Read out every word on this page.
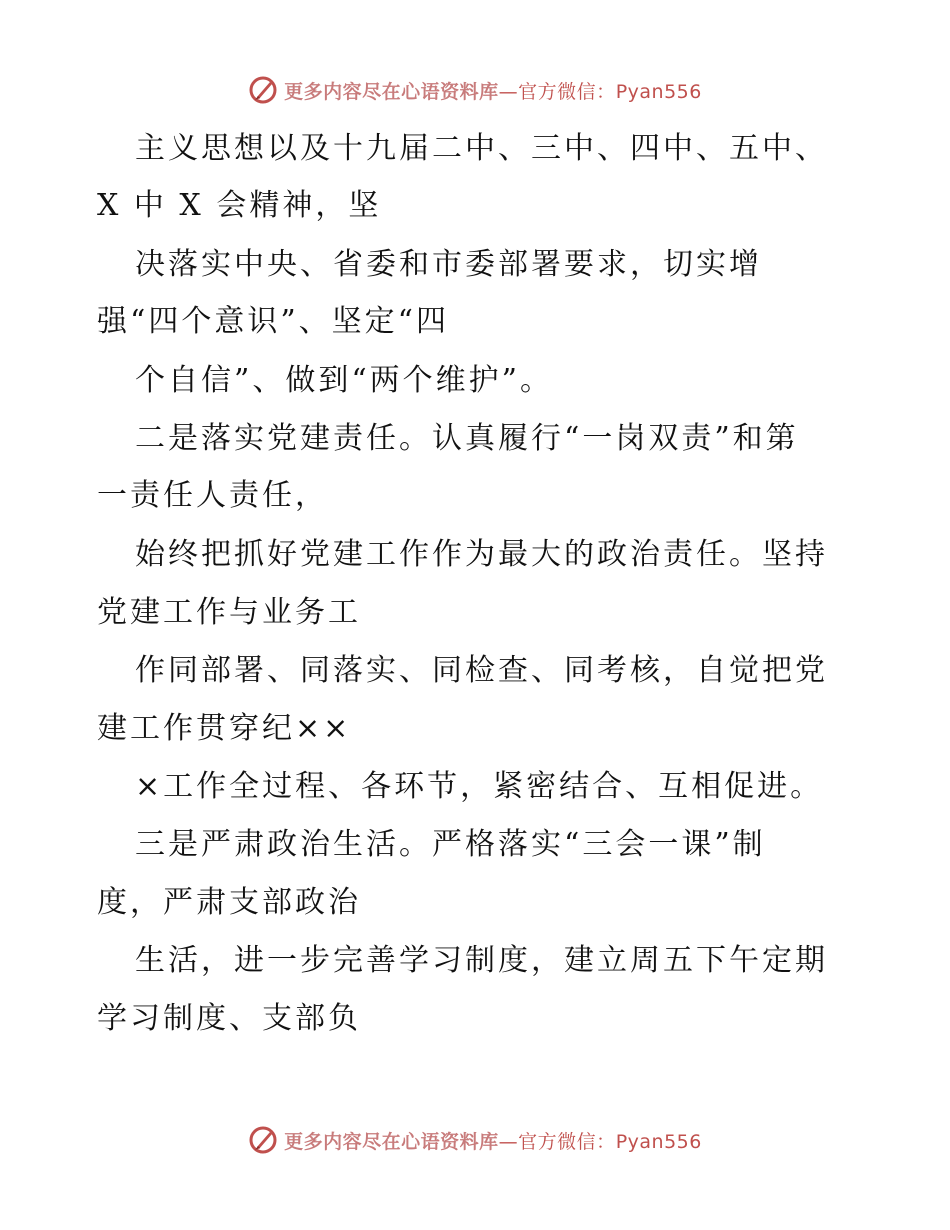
更多内容尽在心语资料库—官方微信：Pyan556
主义思想以及十九届二中、三中、四中、五中、
X 中 X 会精神，坚
决落实中央、省委和市委部署要求，切实增
强“四个意识”、坚定“四
个自信”、做到“两个维护”。
二是落实党建责任。认真履行“一岗双责”和第
一责任人责任，
始终把抓好党建工作作为最大的政治责任。坚持
党建工作与业务工
作同部署、同落实、同检查、同考核，自觉把党
建工作贯穿纪××
×工作全过程、各环节，紧密结合、互相促进。
三是严肃政治生活。严格落实“三会一课”制
度，严肃支部政治
生活，进一步完善学习制度，建立周五下午定期
学习制度、支部负
更多内容尽在心语资料库—官方微信：Pyan556
